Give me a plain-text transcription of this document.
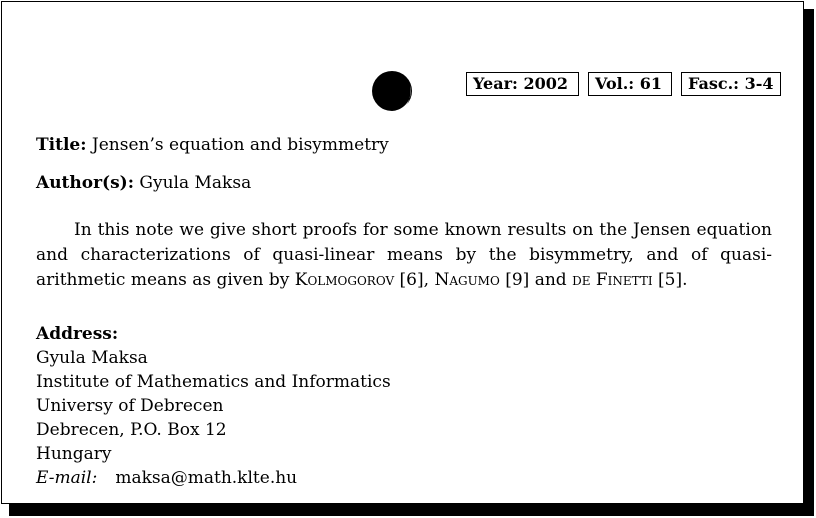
Year: 2002	Vol.: 61	Fasc.: 3-4
Title: Jensen’s equation and bisymmetry
Author(s): Gyula Maksa

In this note we give short proofs for some known results on the Jensen equation and characterizations of quasi-linear means by the bisymmetry, and of quasi-arithmetic means as given by Kolmogorov [6], Nagumo [9] and de Finetti [5].

Address:
Gyula Maksa
Institute of Mathematics and Informatics
Universy of Debrecen
Debrecen, P.O. Box 12
Hungary
E-mail: maksa@math.klte.hu
